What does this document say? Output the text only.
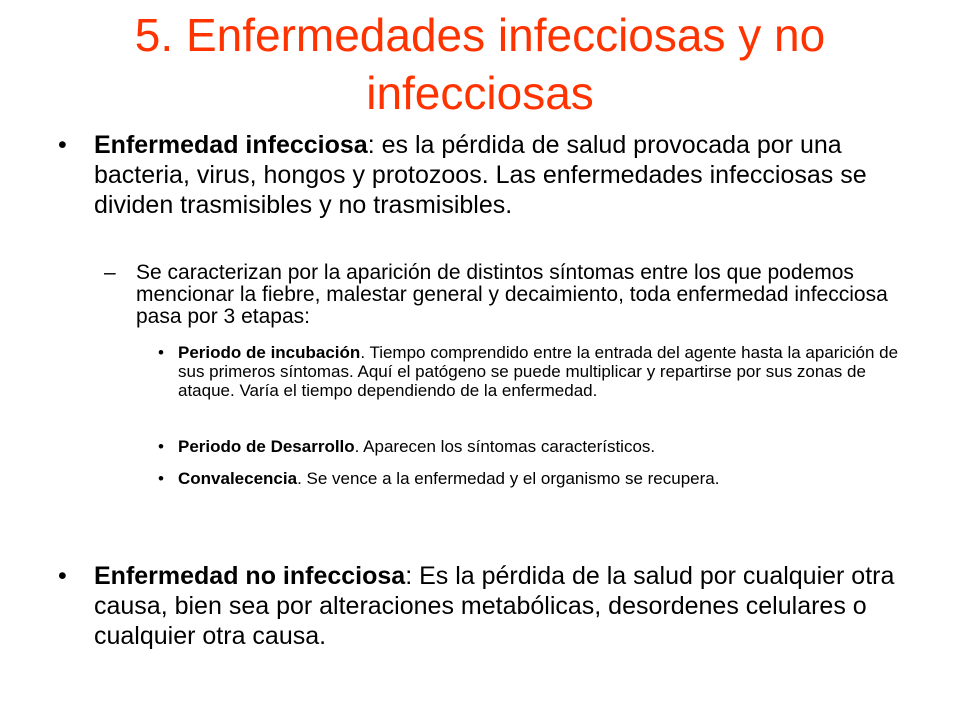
5. Enfermedades infecciosas y no infecciosas
•	Enfermedad infecciosa: es la pérdida de salud provocada por una bacteria, virus, hongos y protozoos. Las enfermedades infecciosas se dividen trasmisibles y no trasmisibles.
– Se caracterizan por la aparición de distintos síntomas entre los que podemos mencionar la fiebre, malestar general y decaimiento, toda enfermedad infecciosa pasa por 3 etapas:
• Periodo de incubación. Tiempo comprendido entre la entrada del agente hasta la aparición de sus primeros síntomas. Aquí el patógeno se puede multiplicar y repartirse por sus zonas de ataque. Varía el tiempo dependiendo de la enfermedad.
• Periodo de Desarrollo. Aparecen los síntomas característicos.
• Convalecencia. Se vence a la enfermedad y el organismo se recupera.
•	Enfermedad no infecciosa: Es la pérdida de la salud por cualquier otra causa, bien sea por alteraciones metabólicas, desordenes celulares o cualquier otra causa.
